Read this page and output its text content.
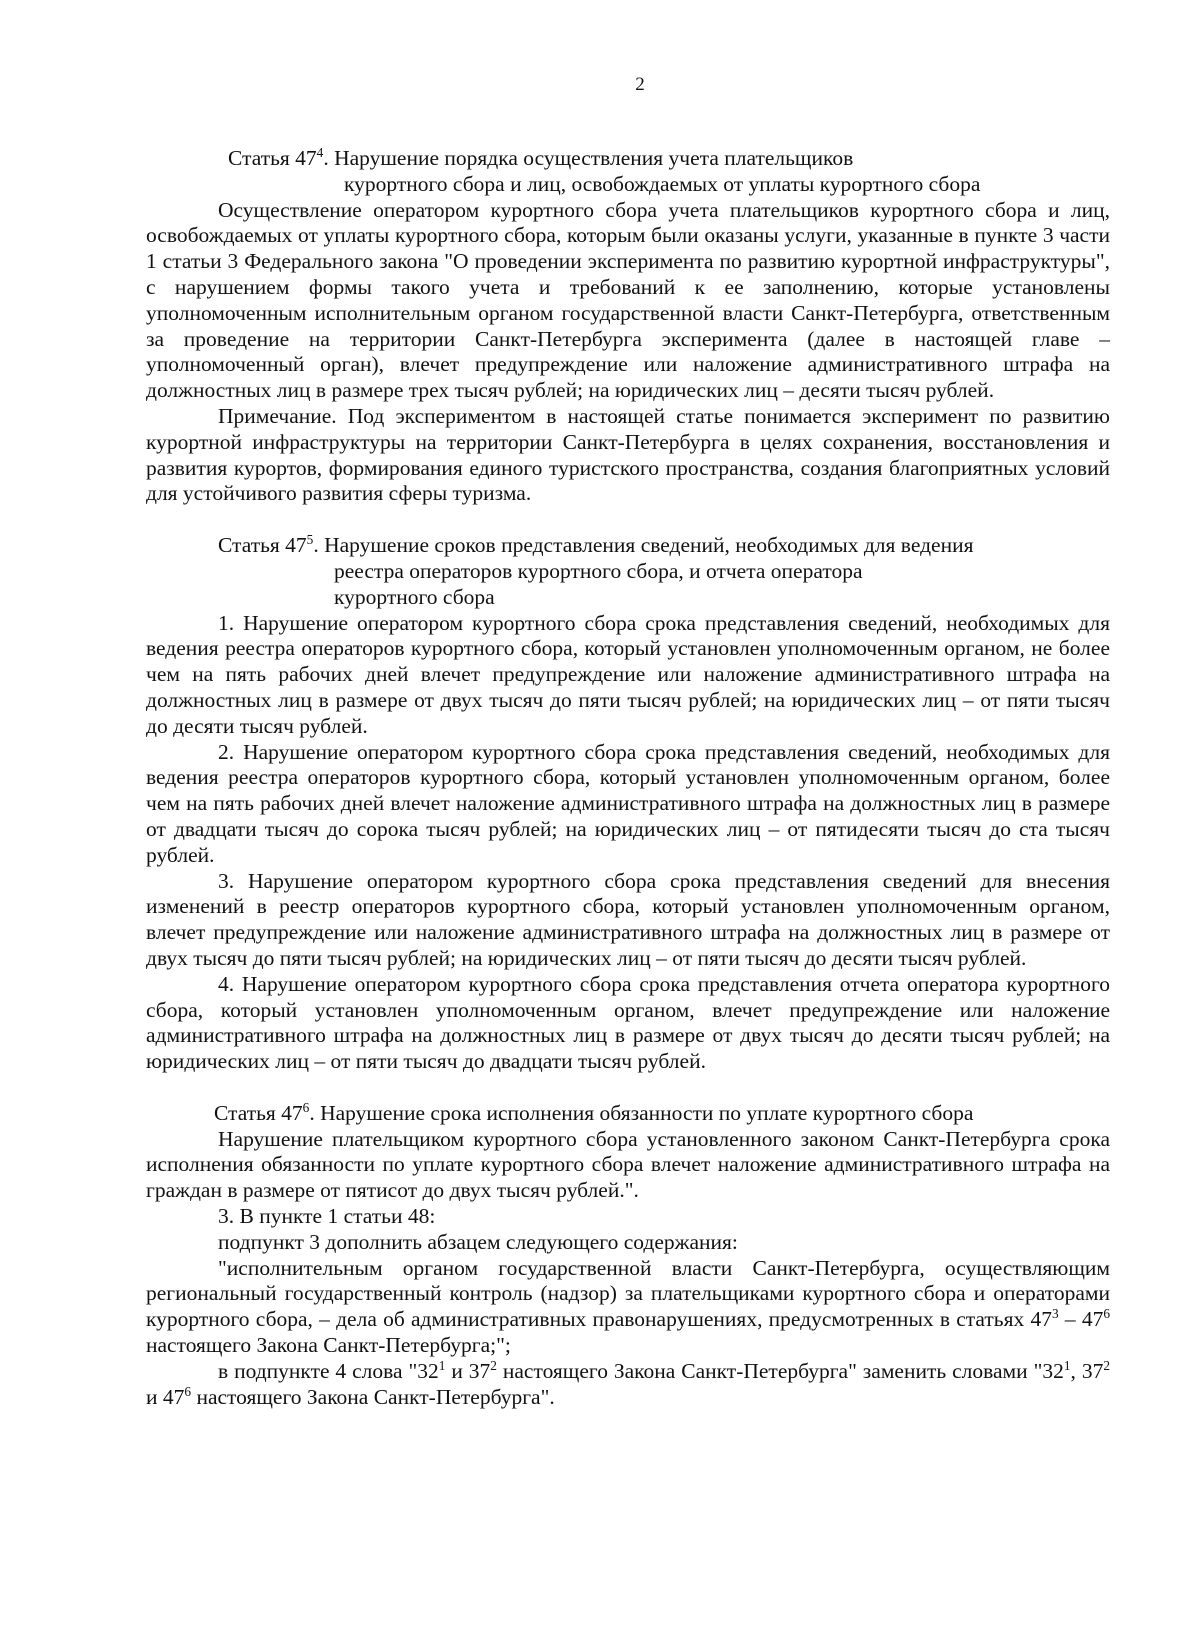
2
Статья $47^4$. Нарушение порядка осуществления учета плательщиков
курортного сбора и лиц, освобождаемых от уплаты курортного сбора

Осуществление оператором курортного сбора учета плательщиков курортного сбора и лиц, освобождаемых от уплаты курортного сбора, которым были оказаны услуги, указанные в пункте 3 части 1 статьи 3 Федерального закона "О проведении эксперимента по развитию курортной инфраструктуры", с нарушением формы такого учета и требований к ее заполнению, которые установлены уполномоченным исполнительным органом государственной власти Санкт-Петербурга, ответственным за проведение на территории Санкт-Петербурга эксперимента (далее в настоящей главе – уполномоченный орган), влечет предупреждение или наложение административного штрафа на должностных лиц в размере трех тысяч рублей; на юридических лиц – десяти тысяч рублей.

Примечание. Под экспериментом в настоящей статье понимается эксперимент по развитию курортной инфраструктуры на территории Санкт-Петербурга в целях сохранения, восстановления и развития курортов, формирования единого туристского пространства, создания благоприятных условий для устойчивого развития сферы туризма.

Статья $47^5$. Нарушение сроков представления сведений, необходимых для ведения
реестра операторов курортного сбора, и отчета оператора
курортного сбора

1. Нарушение оператором курортного сбора срока представления сведений, необходимых для ведения реестра операторов курортного сбора, который установлен уполномоченным органом, не более чем на пять рабочих дней влечет предупреждение или наложение административного штрафа на должностных лиц в размере от двух тысяч до пяти тысяч рублей; на юридических лиц – от пяти тысяч до десяти тысяч рублей.

2. Нарушение оператором курортного сбора срока представления сведений, необходимых для ведения реестра операторов курортного сбора, который установлен уполномоченным органом, более чем на пять рабочих дней влечет наложение административного штрафа на должностных лиц в размере от двадцати тысяч до сорока тысяч рублей; на юридических лиц – от пятидесяти тысяч до ста тысяч рублей.

3. Нарушение оператором курортного сбора срока представления сведений для внесения изменений в реестр операторов курортного сбора, который установлен уполномоченным органом, влечет предупреждение или наложение административного штрафа на должностных лиц в размере от двух тысяч до пяти тысяч рублей; на юридических лиц – от пяти тысяч до десяти тысяч рублей.

4. Нарушение оператором курортного сбора срока представления отчета оператора курортного сбора, который установлен уполномоченным органом, влечет предупреждение или наложение административного штрафа на должностных лиц в размере от двух тысяч до десяти тысяч рублей; на юридических лиц – от пяти тысяч до двадцати тысяч рублей.

Статья $47^6$. Нарушение срока исполнения обязанности по уплате курортного сбора

Нарушение плательщиком курортного сбора установленного законом Санкт-Петербурга срока исполнения обязанности по уплате курортного сбора влечет наложение административного штрафа на граждан в размере от пятисот до двух тысяч рублей.".

3. В пункте 1 статьи 48:

подпункт 3 дополнить абзацем следующего содержания:

"исполнительным органом государственной власти Санкт-Петербурга, осуществляющим региональный государственный контроль (надзор) за плательщиками курортного сбора и операторами курортного сбора, – дела об административных правонарушениях, предусмотренных в статьях $47^3 - 47^6$ настоящего Закона Санкт-Петербурга;";

в подпункте 4 слова "$32^1$ и $37^2$ настоящего Закона Санкт-Петербурга" заменить словами "$32^1$, $37^2$ и $47^6$ настоящего Закона Санкт-Петербурга".
